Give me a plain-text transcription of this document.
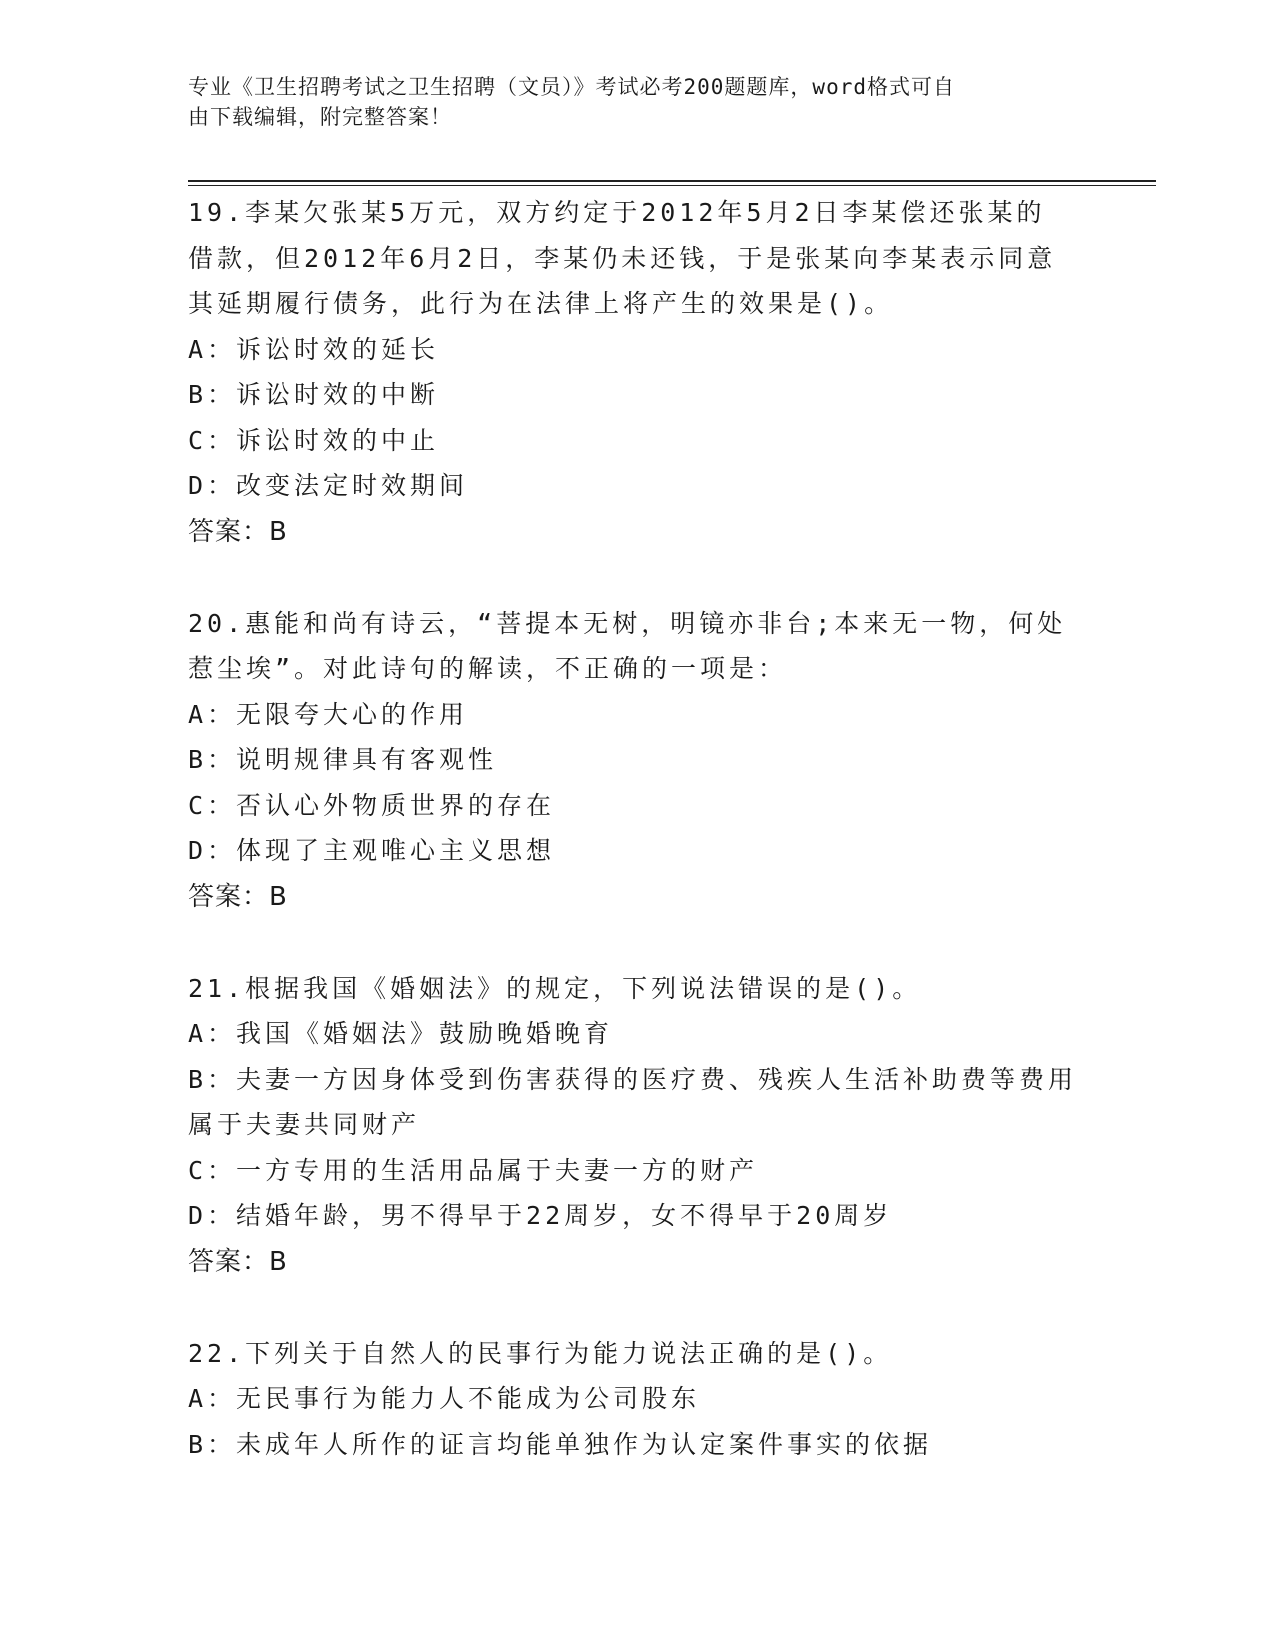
专业《卫生招聘考试之卫生招聘（文员）》考试必考200题题库，word格式可自
由下载编辑，附完整答案！
19.李某欠张某5万元，双方约定于2012年5月2日李某偿还张某的
借款，但2012年6月2日，李某仍未还钱，于是张某向李某表示同意
其延期履行债务，此行为在法律上将产生的效果是()。
A：诉讼时效的延长
B：诉讼时效的中断
C：诉讼时效的中止
D：改变法定时效期间
答案：B
20.惠能和尚有诗云，“菩提本无树，明镜亦非台;本来无一物，何处
惹尘埃”。对此诗句的解读，不正确的一项是：
A：无限夸大心的作用
B：说明规律具有客观性
C：否认心外物质世界的存在
D：体现了主观唯心主义思想
答案：B
21.根据我国《婚姻法》的规定，下列说法错误的是()。
A：我国《婚姻法》鼓励晚婚晚育
B：夫妻一方因身体受到伤害获得的医疗费、残疾人生活补助费等费用
属于夫妻共同财产
C：一方专用的生活用品属于夫妻一方的财产
D：结婚年龄，男不得早于22周岁，女不得早于20周岁
答案：B
22.下列关于自然人的民事行为能力说法正确的是()。
A：无民事行为能力人不能成为公司股东
B：未成年人所作的证言均能单独作为认定案件事实的依据
